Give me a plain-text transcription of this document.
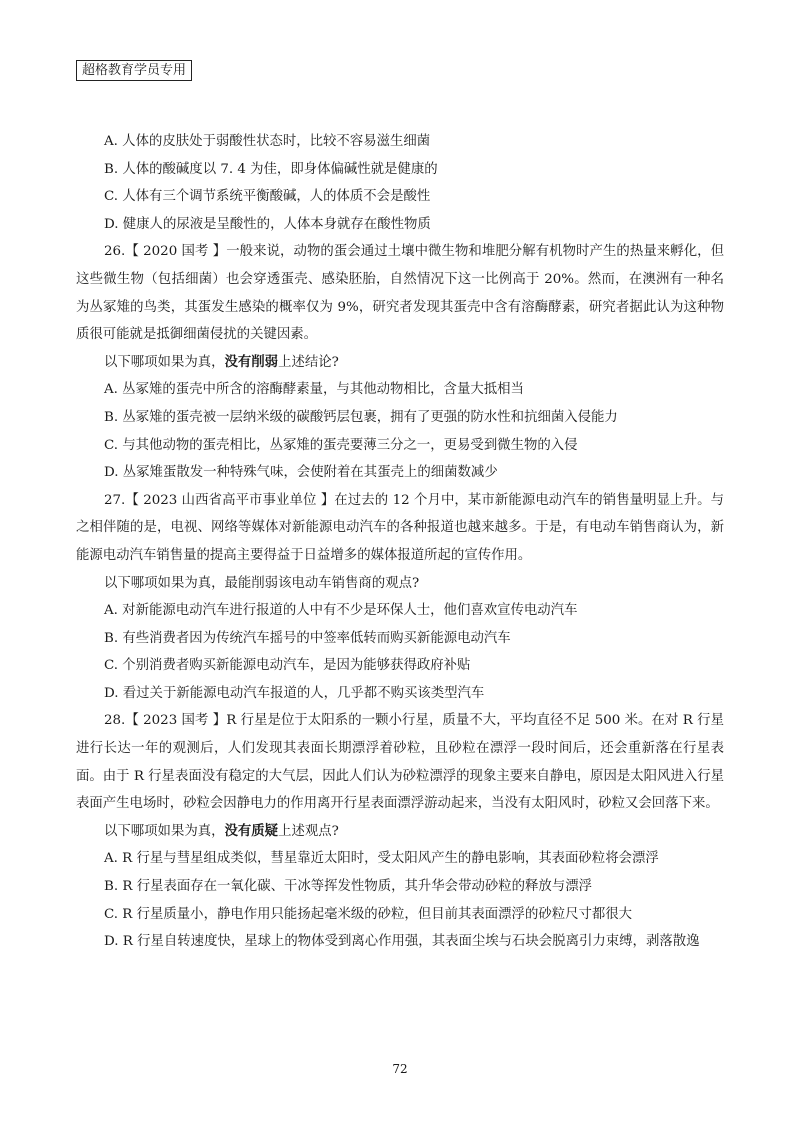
超格教育学员专用
A. 人体的皮肤处于弱酸性状态时，比较不容易滋生细菌
B. 人体的酸碱度以 7. 4 为佳，即身体偏碱性就是健康的
C. 人体有三个调节系统平衡酸碱，人的体质不会是酸性
D. 健康人的尿液是呈酸性的，人体本身就存在酸性物质
26.【 2020 国考 】一般来说，动物的蛋会通过土壤中微生物和堆肥分解有机物时产生的热量来孵化，但这些微生物（包括细菌）也会穿透蛋壳、感染胚胎，自然情况下这一比例高于 20%。然而，在澳洲有一种名为丛冢雉的鸟类，其蛋发生感染的概率仅为 9%，研究者发现其蛋壳中含有溶酶酵素，研究者据此认为这种物质很可能就是抵御细菌侵扰的关键因素。
以下哪项如果为真，没有削弱上述结论?
A. 丛冢雉的蛋壳中所含的溶酶酵素量，与其他动物相比，含量大抵相当
B. 丛冢雉的蛋壳被一层纳米级的碳酸钙层包裹，拥有了更强的防水性和抗细菌入侵能力
C. 与其他动物的蛋壳相比，丛冢雉的蛋壳要薄三分之一，更易受到微生物的入侵
D. 丛冢雉蛋散发一种特殊气味，会使附着在其蛋壳上的细菌数减少
27.【 2023 山西省高平市事业单位 】在过去的 12 个月中，某市新能源电动汽车的销售量明显上升。与之相伴随的是，电视、网络等媒体对新能源电动汽车的各种报道也越来越多。于是，有电动车销售商认为，新能源电动汽车销售量的提高主要得益于日益增多的媒体报道所起的宣传作用。
以下哪项如果为真，最能削弱该电动车销售商的观点?
A. 对新能源电动汽车进行报道的人中有不少是环保人士，他们喜欢宣传电动汽车
B. 有些消费者因为传统汽车摇号的中签率低转而购买新能源电动汽车
C. 个别消费者购买新能源电动汽车，是因为能够获得政府补贴
D. 看过关于新能源电动汽车报道的人，几乎都不购买该类型汽车
28.【 2023 国考 】R 行星是位于太阳系的一颗小行星，质量不大，平均直径不足 500 米。在对 R 行星进行长达一年的观测后，人们发现其表面长期漂浮着砂粒，且砂粒在漂浮一段时间后，还会重新落在行星表面。由于 R 行星表面没有稳定的大气层，因此人们认为砂粒漂浮的现象主要来自静电，原因是太阳风进入行星表面产生电场时，砂粒会因静电力的作用离开行星表面漂浮游动起来，当没有太阳风时，砂粒又会回落下来。
以下哪项如果为真，没有质疑上述观点?
A. R 行星与彗星组成类似，彗星靠近太阳时，受太阳风产生的静电影响，其表面砂粒将会漂浮
B. R 行星表面存在一氧化碳、干冰等挥发性物质，其升华会带动砂粒的释放与漂浮
C. R 行星质量小，静电作用只能扬起毫米级的砂粒，但目前其表面漂浮的砂粒尺寸都很大
D. R 行星自转速度快，星球上的物体受到离心作用强，其表面尘埃与石块会脱离引力束缚，剥落散逸
72
